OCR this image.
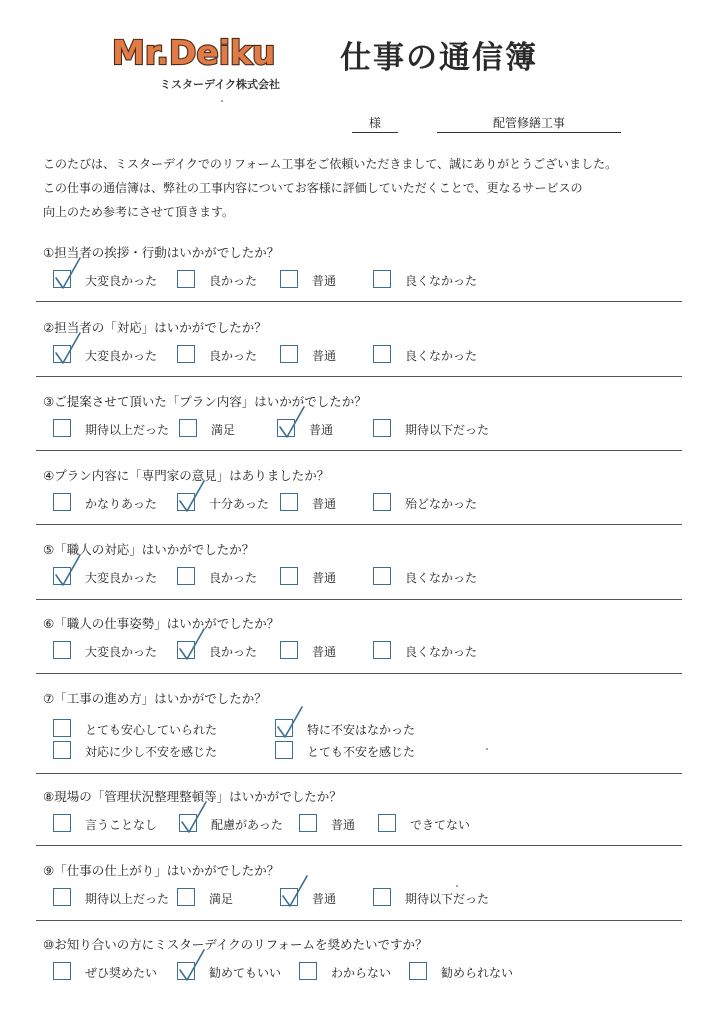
Mr.Deiku 仕事の通信簿
ミスターデイク株式会社
様	配管修繕工事
このたびは、ミスターデイクでのリフォーム工事をご依頼いただきまして、誠にありがとうございました。
この仕事の通信簿は、弊社の工事内容についてお客様に評価していただくことで、更なるサービスの
向上のため参考にさせて頂きます。
①担当者の挨拶・行動はいかがでしたか？
大変良かった	良かった	普通	良くなかった
②担当者の「対応」はいかがでしたか？
大変良かった	良かった	普通	良くなかった
③ご提案させて頂いた「プラン内容」はいかがでしたか？
期待以上だった	満足	普通	期待以下だった
④プラン内容に「専門家の意見」はありましたか？
かなりあった	十分あった	普通	殆どなかった
⑤「職人の対応」はいかがでしたか？
大変良かった	良かった	普通	良くなかった
⑥「職人の仕事姿勢」はいかがでしたか？
大変良かった	良かった	普通	良くなかった
⑦「工事の進め方」はいかがでしたか？
とても安心していられた	特に不安はなかった
対応に少し不安を感じた	とても不安を感じた
⑧現場の「管理状況整理整頓等」はいかがでしたか？
言うことなし	配慮があった	普通	できてない
⑨「仕事の仕上がり」はいかがでしたか？
期待以上だった	満足	普通	期待以下だった
⑩お知り合いの方にミスターデイクのリフォームを奨めたいですか？
ぜひ奨めたい	勧めてもいい	わからない	勧められない
